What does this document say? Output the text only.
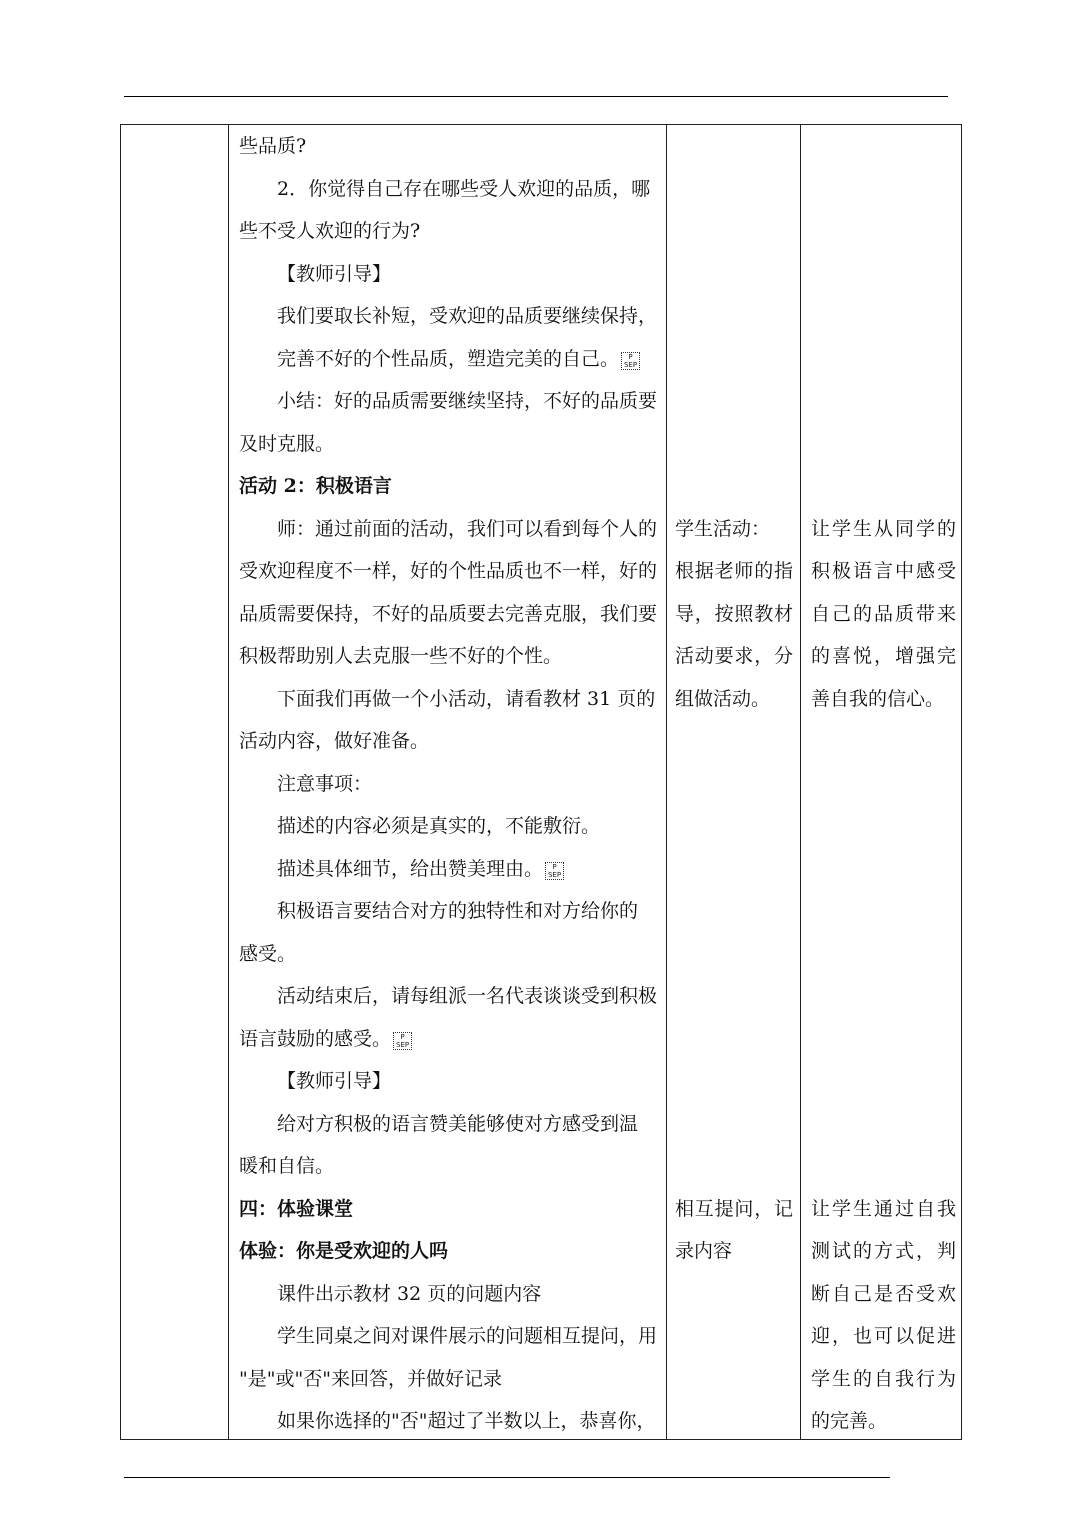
些品质?
2．你觉得自己存在哪些受人欢迎的品质，哪
些不受人欢迎的行为?
【教师引导】
我们要取长补短，受欢迎的品质要继续保持，
完善不好的个性品质，塑造完美的自己。 P
SEP
小结：好的品质需要继续坚持，不好的品质要
及时克服。
活动 2：积极语言
师：通过前面的活动，我们可以看到每个人的
受欢迎程度不一样，好的个性品质也不一样，好的
品质需要保持，不好的品质要去完善克服，我们要
积极帮助别人去克服一些不好的个性。
下面我们再做一个小活动，请看教材 31 页的
活动内容，做好准备。
注意事项：
描述的内容必须是真实的，不能敷衍。
描述具体细节，给出赞美理由。 P
SEP
积极语言要结合对方的独特性和对方给你的
感受。
活动结束后，请每组派一名代表谈谈受到积极
语言鼓励的感受。 P
SEP
【教师引导】
给对方积极的语言赞美能够使对方感受到温
暖和自信。
四：体验课堂
体验：你是受欢迎的人吗
课件出示教材 32 页的问题内容
学生同桌之间对课件展示的问题相互提问，用
"是"或"否"来回答，并做好记录
如果你选择的"否"超过了半数以上，恭喜你，
学生活动：
根据老师的指
导，按照教材
活动要求，分
组做活动。
相互提问，记
录内容
让学生从同学的
积极语言中感受
自己的品质带来
的喜悦，增强完
善自我的信心。
让学生通过自我
测试的方式，判
断自己是否受欢
迎，也可以促进
学生的自我行为
的完善。
